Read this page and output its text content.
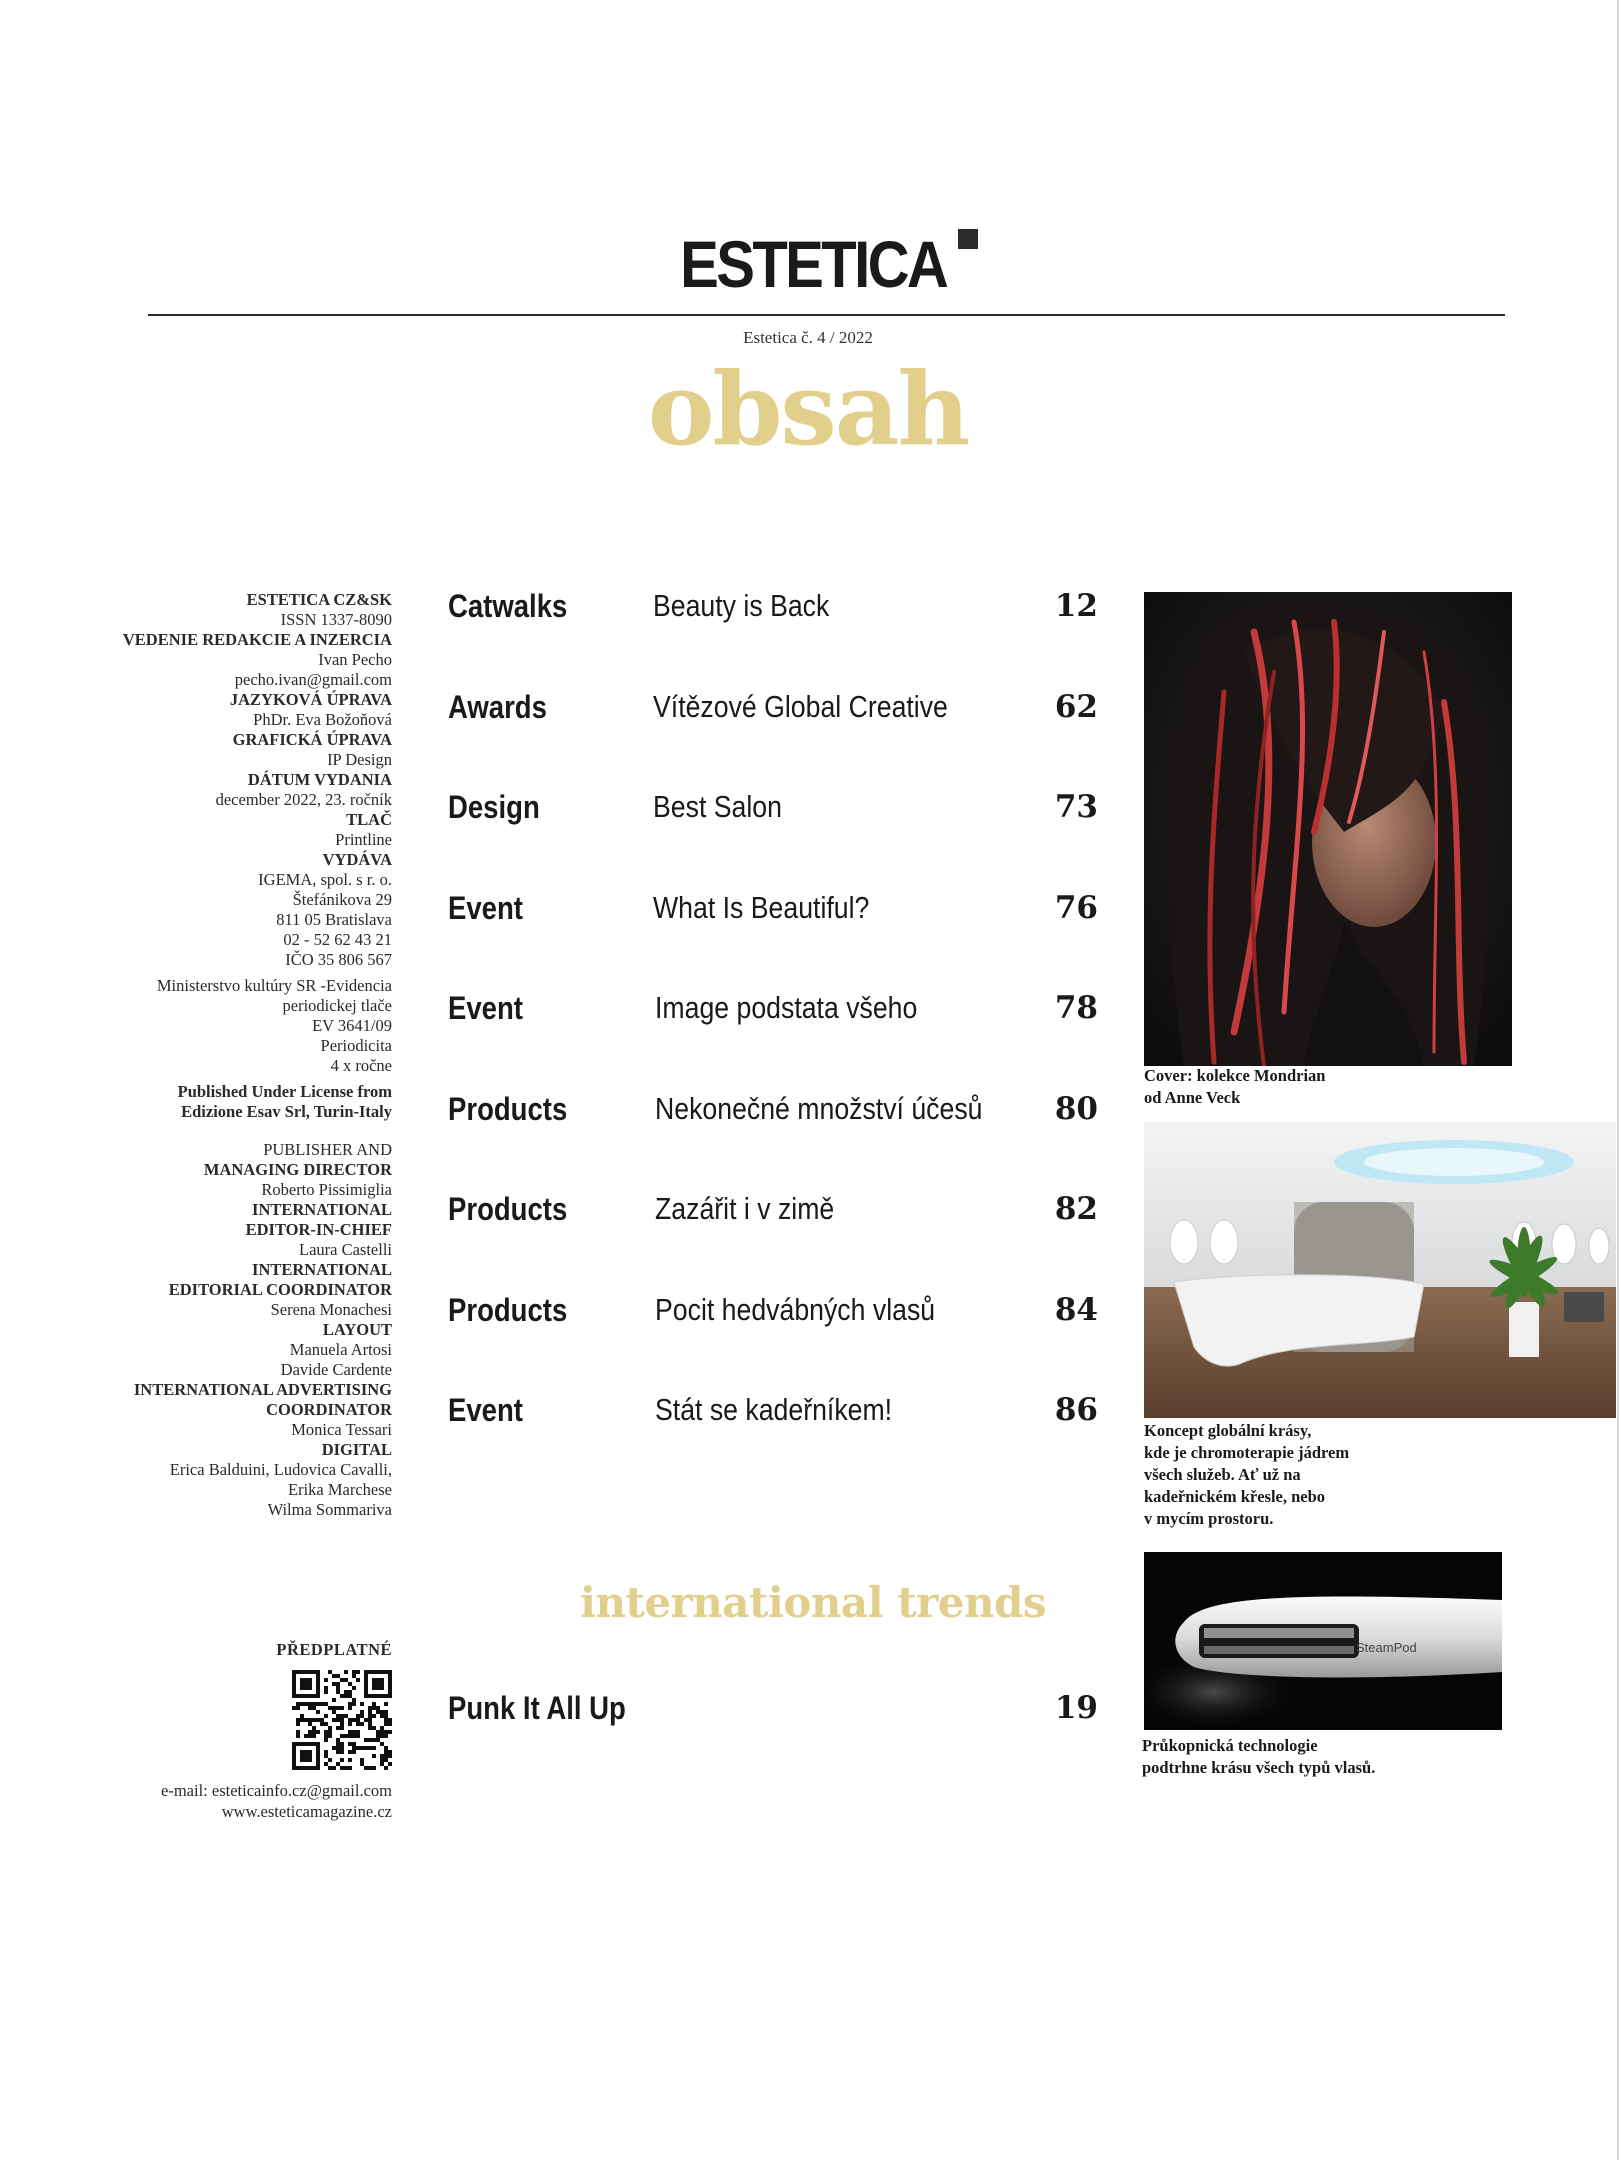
ESTETICA
Estetica č. 4 / 2022
obsah
ESTETICA CZ&SK
ISSN 1337-8090
VEDENIE REDAKCIE A INZERCIA
Ivan Pecho
pecho.ivan@gmail.com
JAZYKOVÁ ÚPRAVA
PhDr. Eva Božoňová
GRAFICKÁ ÚPRAVA
IP Design
DÁTUM VYDANIA
december 2022, 23. ročník
TLAČ
Printline
VYDÁVA
IGEMA, spol. s r. o.
Štefánikova 29
811 05 Bratislava
02 - 52 62 43 21
IČO 35 806 567
Ministerstvo kultúry SR -Evidencia
periodickej tlače
EV 3641/09
Periodicita
4 x ročne
Published Under License from
Edizione Esav Srl, Turin-Italy
PUBLISHER AND
MANAGING DIRECTOR
Roberto Pissimiglia
INTERNATIONAL
EDITOR-IN-CHIEF
Laura Castelli
INTERNATIONAL
EDITORIAL COORDINATOR
Serena Monachesi
LAYOUT
Manuela Artosi
Davide Cardente
INTERNATIONAL ADVERTISING
COORDINATOR
Monica Tessari
DIGITAL
Erica Balduini, Ludovica Cavalli,
Erika Marchese
Wilma Sommariva
PŘEDPLATNÉ
e-mail: esteticainfo.cz@gmail.com
www.esteticamagazine.cz
Catwalks	Beauty is Back	12
Awards	Vítězové Global Creative	62
Design	Best Salon	73
Event	What Is Beautiful?	76
Event	Image podstata všeho	78
Products	Nekonečné množství účesů 80
Products	Zazářit i v zimě	82
Products	Pocit hedvábných vlasů	84
Event	Stát se kadeřníkem!	86
international trends
Punk It All Up	19
Cover: kolekce Mondrian
od Anne Veck
Koncept globální krásy,
kde je chromoterapie jádrem
všech služeb. Ať už na
kadeřnickém křesle, nebo
v mycím prostoru.
SteamPod
Průkopnická technologie
podtrhne krásu všech typů vlasů.
